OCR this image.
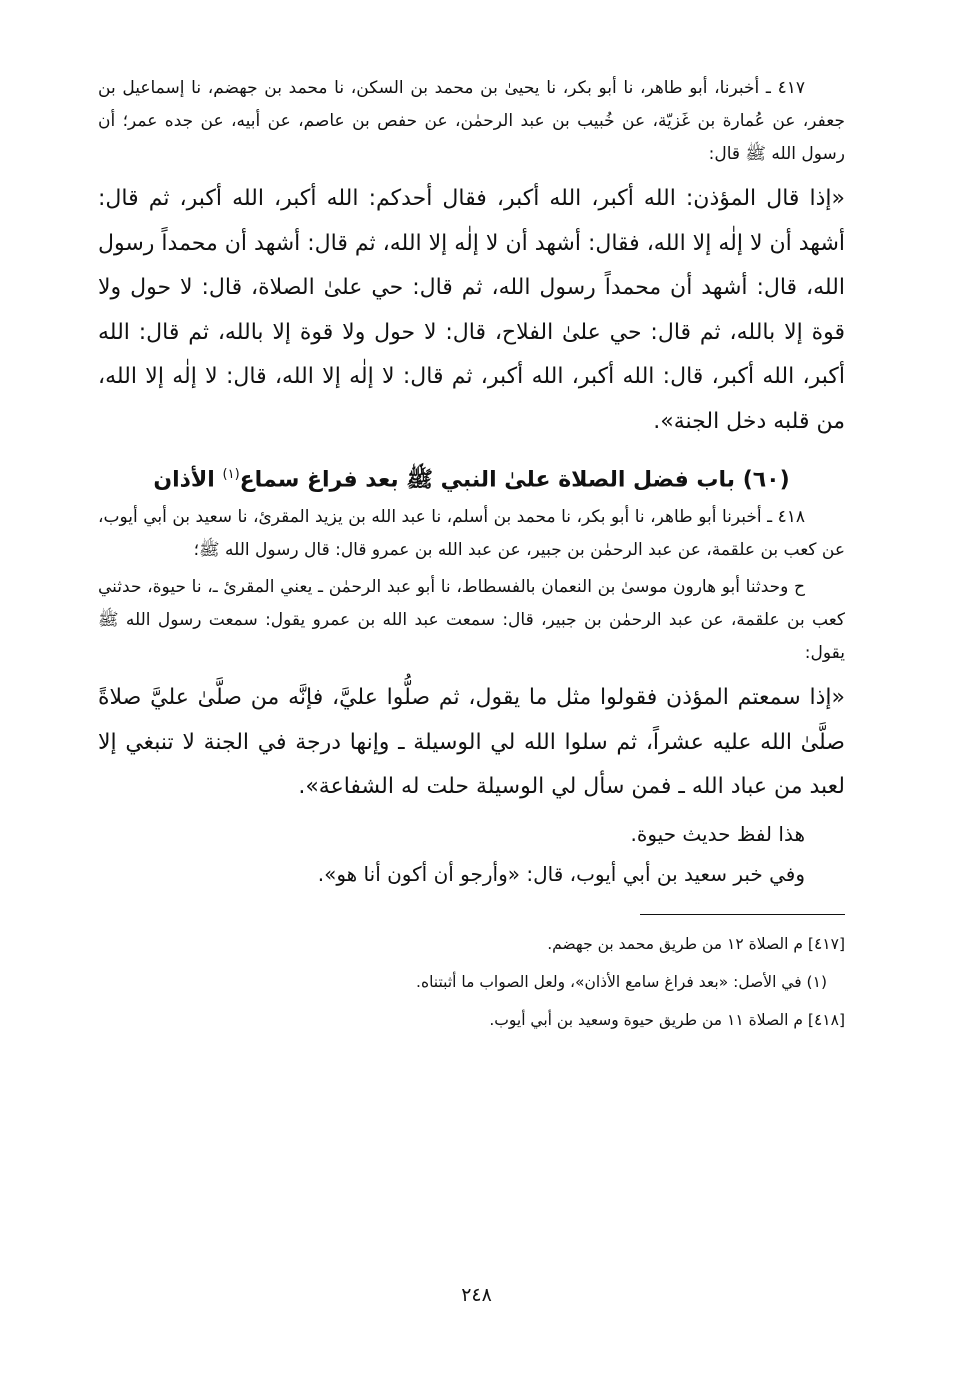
٤١٧ ـ أخبرنا، أبو طاهر، نا أبو بكر، نا يحيىٰ بن محمد بن السكن، نا محمد بن جهضم، نا إسماعيل بن جعفر، عن عُمارة بن غَزيّة، عن خُبيب بن عبد الرحمٰن، عن حفص بن عاصم، عن أبيه، عن جده عمر؛ أن رسول الله ﷺ قال:

«إذا قال المؤذن: الله أكبر، الله أكبر، فقال أحدكم: الله أكبر، الله أكبر، ثم قال: أشهد أن لا إلٰه إلا الله، فقال: أشهد أن لا إلٰه إلا الله، ثم قال: أشهد أن محمداً رسول الله، قال: أشهد أن محمداً رسول الله، ثم قال: حي علىٰ الصلاة، قال: لا حول ولا قوة إلا بالله، ثم قال: حي علىٰ الفلاح، قال: لا حول ولا قوة إلا بالله، ثم قال: الله أكبر، الله أكبر، قال: الله أكبر، الله أكبر، ثم قال: لا إلٰه إلا الله، قال: لا إلٰه إلا الله، من قلبه دخل الجنة».

(٦٠) باب فضل الصلاة علىٰ النبي ﷺ بعد فراغ سماع$^{(١)}$ الأذان

٤١٨ ـ أخبرنا أبو طاهر، نا أبو بكر، نا محمد بن أسلم، نا عبد الله بن يزيد المقرئ، نا سعيد بن أبي أيوب، عن كعب بن علقمة، عن عبد الرحمٰن بن جبير، عن عبد الله بن عمرو قال: قال رسول الله ﷺ؛

ح وحدثنا أبو هارون موسىٰ بن النعمان بالفسطاط، نا أبو عبد الرحمٰن ـ يعني المقرئ ـ، نا حيوة، حدثني كعب بن علقمة، عن عبد الرحمٰن بن جبير، قال: سمعت عبد الله بن عمرو يقول: سمعت رسول الله ﷺ يقول:

«إذا سمعتم المؤذن فقولوا مثل ما يقول، ثم صلُّوا عليَّ، فإنَّه من صلَّىٰ عليَّ صلاةً صلَّىٰ الله عليه عشراً، ثم سلوا الله لي الوسيلة ـ وإنها درجة في الجنة لا تنبغي إلا لعبد من عباد الله ـ فمن سأل لي الوسيلة حلت له الشفاعة».

هذا لفظ حديث حيوة.

وفي خبر سعيد بن أبي أيوب، قال: «وأرجو أن أكون أنا هو».

[٤١٧] م الصلاة ١٢ من طريق محمد بن جهضم.
(١) في الأصل: «بعد فراغ سامع الأذان»، ولعل الصواب ما أثبتناه.
[٤١٨] م الصلاة ١١ من طريق حيوة وسعيد بن أبي أيوب.
٢٤٨
